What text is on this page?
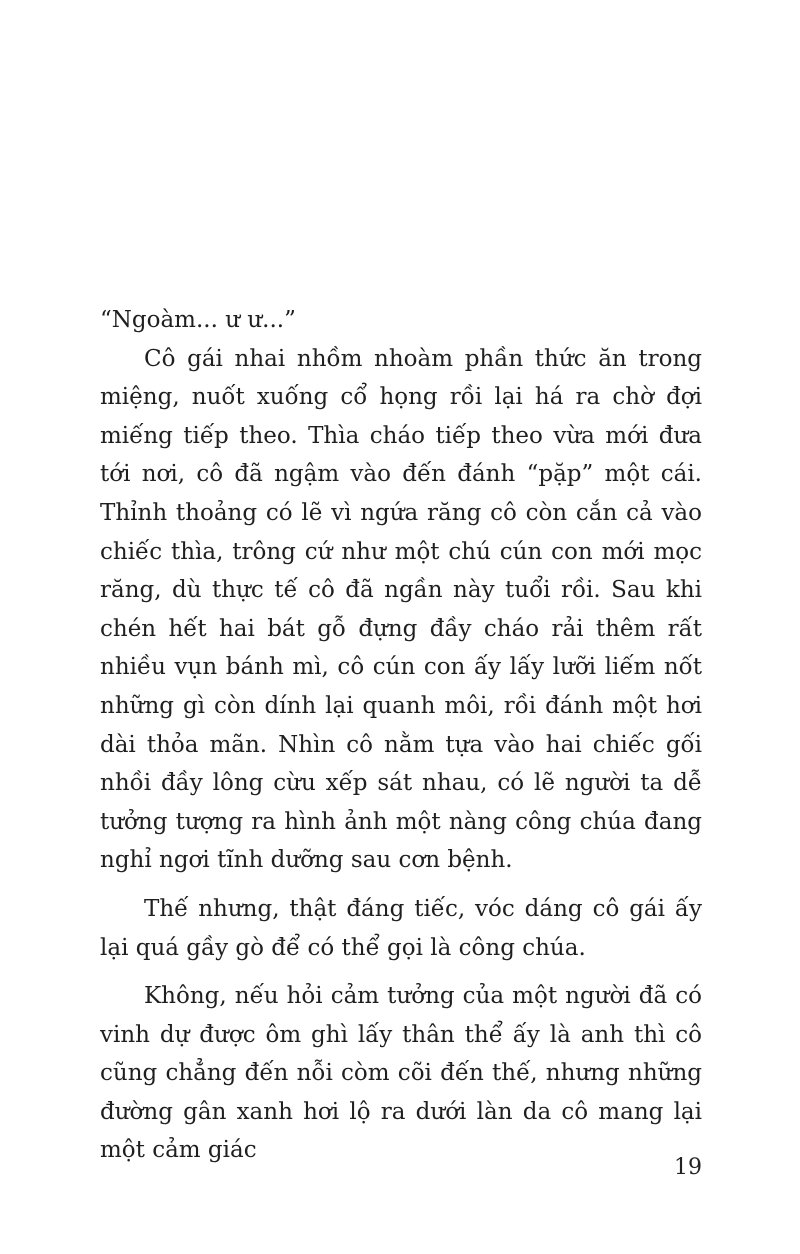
“Ngoàm... ư ư...”

Cô gái nhai nhồm nhoàm phần thức ăn trong miệng, nuốt xuống cổ họng rồi lại há ra chờ đợi miếng tiếp theo. Thìa cháo tiếp theo vừa mới đưa tới nơi, cô đã ngậm vào đến đánh “pặp” một cái. Thỉnh thoảng có lẽ vì ngứa răng cô còn cắn cả vào chiếc thìa, trông cứ như một chú cún con mới mọc răng, dù thực tế cô đã ngần này tuổi rồi. Sau khi chén hết hai bát gỗ đựng đầy cháo rải thêm rất nhiều vụn bánh mì, cô cún con ấy lấy lưỡi liếm nốt những gì còn dính lại quanh môi, rồi đánh một hơi dài thỏa mãn. Nhìn cô nằm tựa vào hai chiếc gối nhồi đầy lông cừu xếp sát nhau, có lẽ người ta dễ tưởng tượng ra hình ảnh một nàng công chúa đang nghỉ ngơi tĩnh dưỡng sau cơn bệnh.

Thế nhưng, thật đáng tiếc, vóc dáng cô gái ấy lại quá gầy gò để có thể gọi là công chúa.

Không, nếu hỏi cảm tưởng của một người đã có vinh dự được ôm ghì lấy thân thể ấy là anh thì cô cũng chẳng đến nỗi còm cõi đến thế, nhưng những đường gân xanh hơi lộ ra dưới làn da cô mang lại một cảm giác

19
